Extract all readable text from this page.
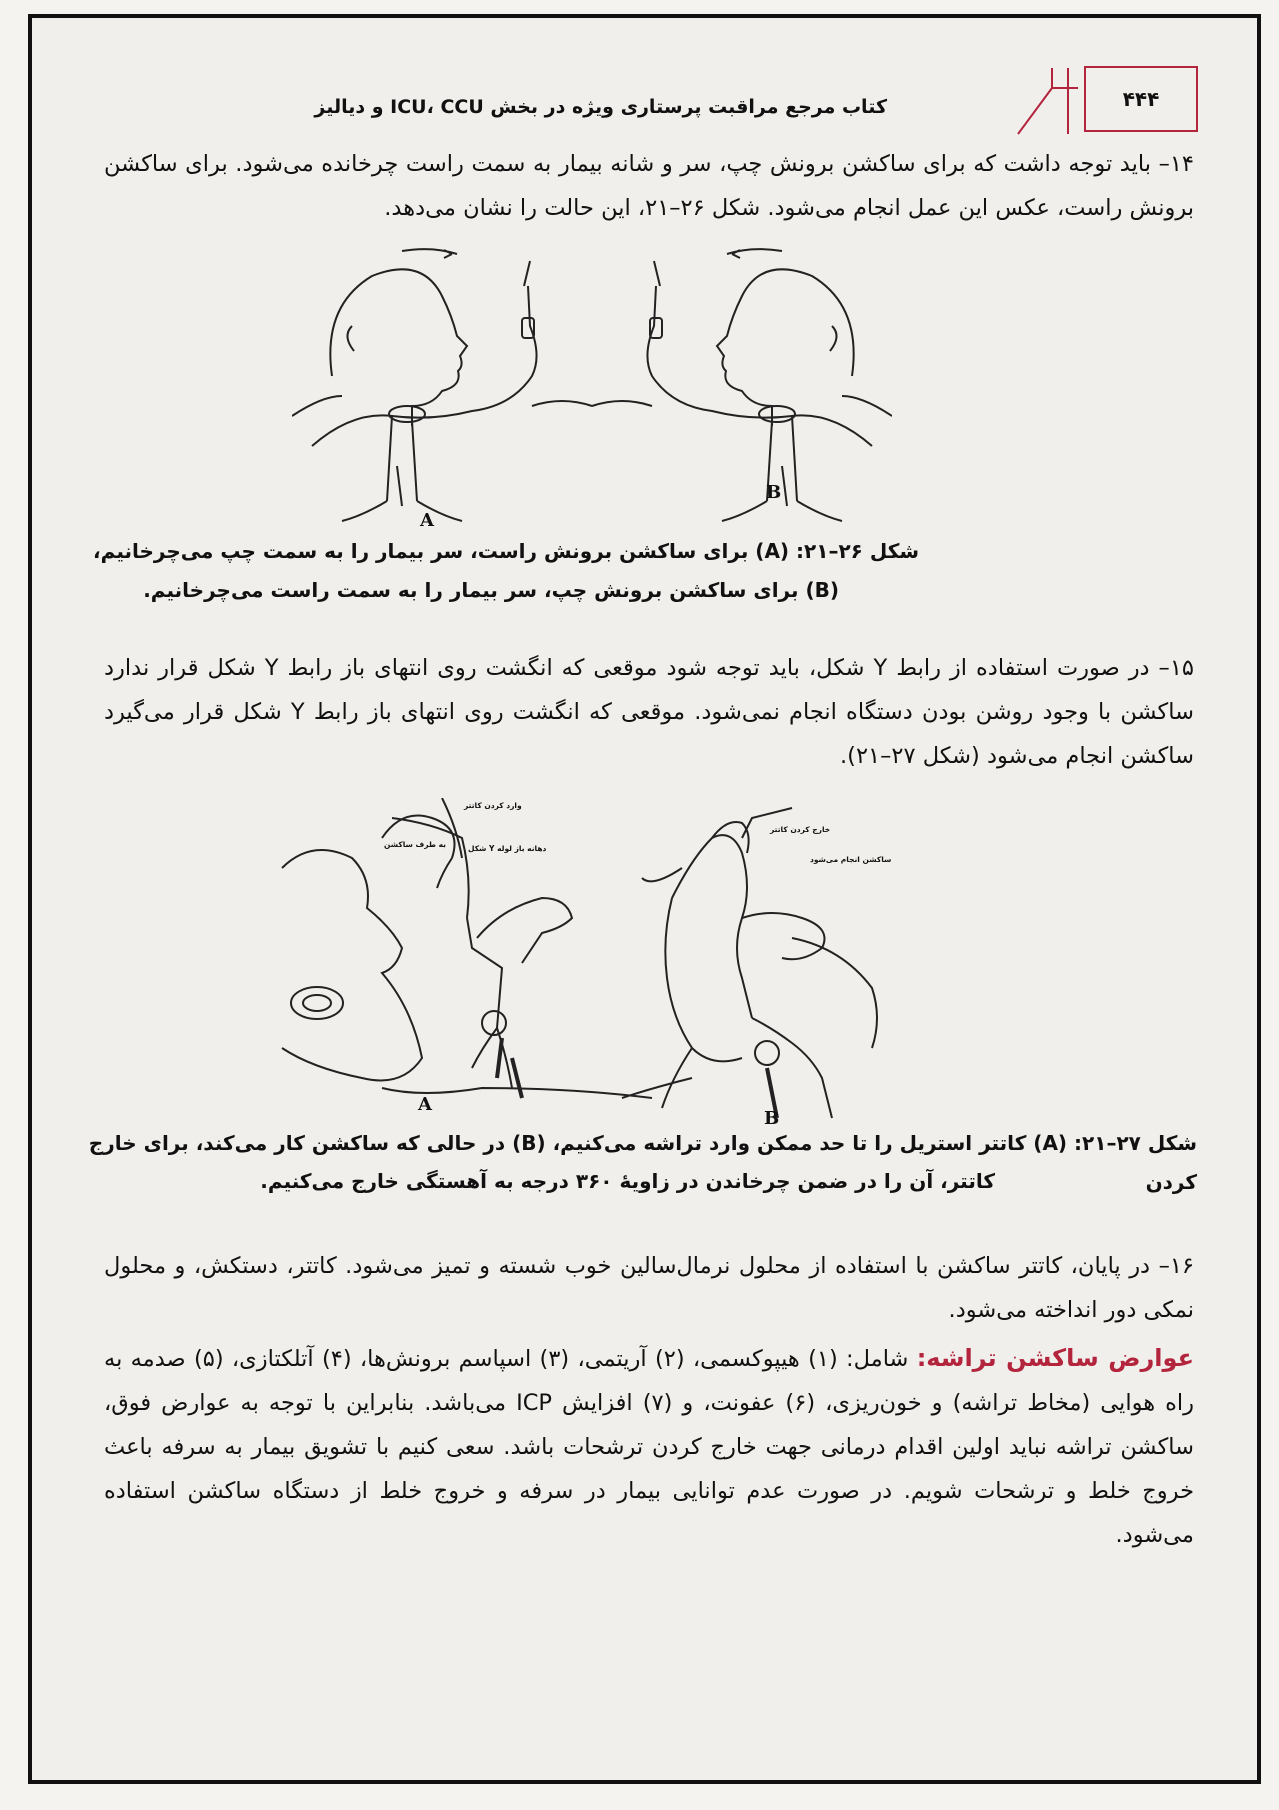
۴۴۴
کتاب مرجع مراقبت پرستاری ویژه در بخش ICU، CCU و دیالیز
۱۴– باید توجه داشت که برای ساکشن برونش چپ، سر و شانه بیمار به سمت راست چرخانده می‌شود. برای ساکشن برونش راست، عکس این عمل انجام می‌شود. شکل ۲۶–۲۱، این حالت را نشان می‌دهد.
A
B
شکل ۲۶–۲۱: (A) برای ساکشن برونش راست، سر بیمار را به سمت چپ می‌چرخانیم،
(B) برای ساکشن برونش چپ، سر بیمار را به سمت راست می‌چرخانیم.
۱۵– در صورت استفاده از رابط Y شکل، باید توجه شود موقعی که انگشت روی انتهای باز رابط Y شکل قرار ندارد ساکشن با وجود روشن بودن دستگاه انجام نمی‌شود. موقعی که انگشت روی انتهای باز رابط Y شکل قرار می‌گیرد ساکشن انجام می‌شود (شکل ۲۷–۲۱).
وارد کردن کاتتر
به طرف ساکشن	دهانه باز لوله Y شکل
خارج کردن کاتتر
ساکشن انجام می‌شود
A
B
شکل ۲۷–۲۱: (A) کاتتر استریل را تا حد ممکن وارد تراشه می‌کنیم، (B) در حالی که ساکشن کار می‌کند، برای خارج کردن
کاتتر، آن را در ضمن چرخاندن در زاویهٔ ۳۶۰ درجه به آهستگی خارج می‌کنیم.
۱۶– در پایان، کاتتر ساکشن با استفاده از محلول نرمال‌سالین خوب شسته و تمیز می‌شود. کاتتر، دستکش، و محلول نمکی دور انداخته می‌شود.
عوارض ساکشن تراشه: شامل: (۱) هیپوکسمی، (۲) آریتمی، (۳) اسپاسم برونش‌ها، (۴) آتلکتازی، (۵) صدمه به راه هوایی (مخاط تراشه) و خون‌ریزی، (۶) عفونت، و (۷) افزایش ICP می‌باشد. بنابراین با توجه به عوارض فوق، ساکشن تراشه نباید اولین اقدام درمانی جهت خارج کردن ترشحات باشد. سعی کنیم با تشویق بیمار به سرفه باعث خروج خلط و ترشحات شویم. در صورت عدم توانایی بیمار در سرفه و خروج خلط از دستگاه ساکشن استفاده می‌شود.
